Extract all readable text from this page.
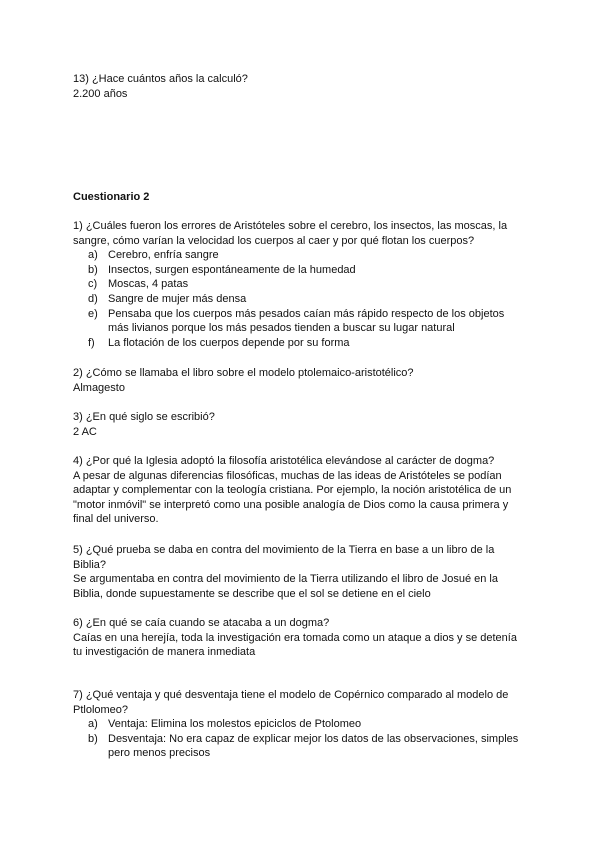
13) ¿Hace cuántos años la calculó?
2.200 años
Cuestionario 2
1) ¿Cuáles fueron los errores de Aristóteles sobre el cerebro, los insectos, las moscas, la
sangre, cómo varían la velocidad los cuerpos al caer y por qué flotan los cuerpos?
a) Cerebro, enfría sangre
b) Insectos, surgen espontáneamente de la humedad
c) Moscas, 4 patas
d) Sangre de mujer más densa
e) Pensaba que los cuerpos más pesados caían más rápido respecto de los objetos
más livianos porque los más pesados tienden a buscar su lugar natural
f) La flotación de los cuerpos depende por su forma
2) ¿Cómo se llamaba el libro sobre el modelo ptolemaico-aristotélico?
Almagesto
3) ¿En qué siglo se escribió?
2 AC
4) ¿Por qué la Iglesia adoptó la filosofía aristotélica elevándose al carácter de dogma?
A pesar de algunas diferencias filosóficas, muchas de las ideas de Aristóteles se podían
adaptar y complementar con la teología cristiana. Por ejemplo, la noción aristotélica de un
"motor inmóvil" se interpretó como una posible analogía de Dios como la causa primera y
final del universo.
5) ¿Qué prueba se daba en contra del movimiento de la Tierra en base a un libro de la
Biblia?
Se argumentaba en contra del movimiento de la Tierra utilizando el libro de Josué en la
Biblia, donde supuestamente se describe que el sol se detiene en el cielo
6) ¿En qué se caía cuando se atacaba a un dogma?
Caías en una herejía, toda la investigación era tomada como un ataque a dios y se detenía
tu investigación de manera inmediata
7) ¿Qué ventaja y qué desventaja tiene el modelo de Copérnico comparado al modelo de
Ptlolomeo?
a) Ventaja: Elimina los molestos epiciclos de Ptolomeo
b) Desventaja: No era capaz de explicar mejor los datos de las observaciones, simples
pero menos precisos
